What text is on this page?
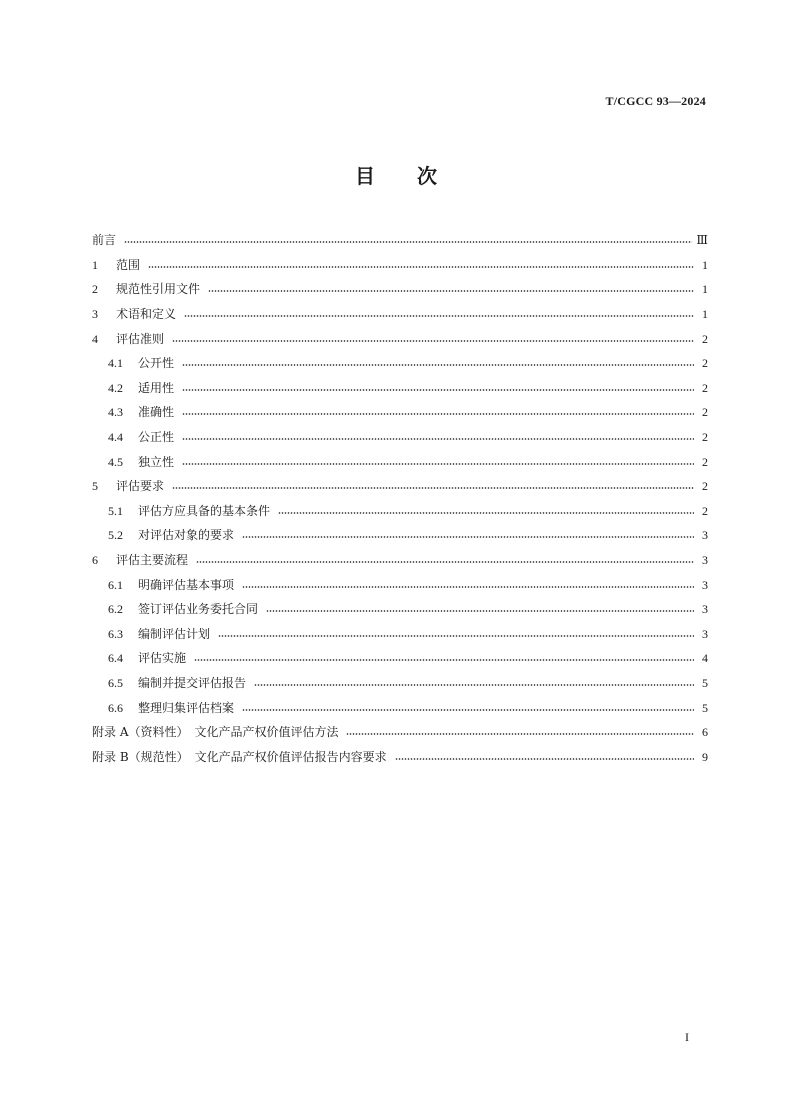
T/CGCC 93—2024
目 次
前言	Ⅲ
1	范围	1
2	规范性引用文件	1
3	术语和定义	1
4	评估准则	2
4.1	公开性	2
4.2	适用性	2
4.3	准确性	2
4.4	公正性	2
4.5	独立性	2
5	评估要求	2
5.1	评估方应具备的基本条件	2
5.2	对评估对象的要求	3
6	评估主要流程	3
6.1	明确评估基本事项	3
6.2	签订评估业务委托合同	3
6.3	编制评估计划	3
6.4	评估实施	4
6.5	编制并提交评估报告	5
6.6	整理归集评估档案	5
附录 A（资料性）　文化产品产权价值评估方法	6
附录 B（规范性）　文化产品产权价值评估报告内容要求	9
I
